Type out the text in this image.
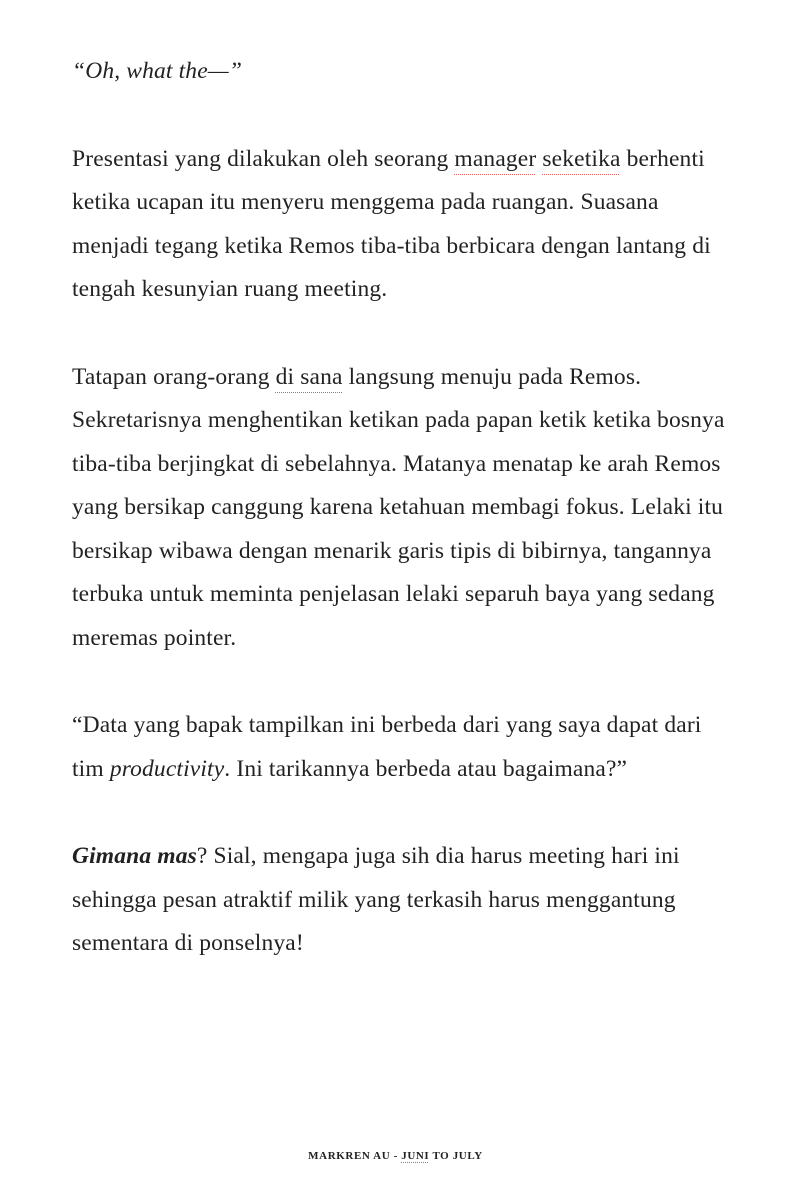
“Oh, what the—”

Presentasi yang dilakukan oleh seorang manager seketika berhenti ketika ucapan itu menyeru menggema pada ruangan. Suasana menjadi tegang ketika Remos tiba-tiba berbicara dengan lantang di tengah kesunyian ruang meeting.

Tatapan orang-orang di sana langsung menuju pada Remos. Sekretarisnya menghentikan ketikan pada papan ketik ketika bosnya tiba-tiba berjingkat di sebelahnya. Matanya menatap ke arah Remos yang bersikap canggung karena ketahuan membagi fokus. Lelaki itu bersikap wibawa dengan menarik garis tipis di bibirnya, tangannya terbuka untuk meminta penjelasan lelaki separuh baya yang sedang meremas pointer.

“Data yang bapak tampilkan ini berbeda dari yang saya dapat dari tim productivity. Ini tarikannya berbeda atau bagaimana?”

Gimana mas? Sial, mengapa juga sih dia harus meeting hari ini sehingga pesan atraktif milik yang terkasih harus menggantung sementara di ponselnya!

MARKREN AU - JUNI TO JULY
